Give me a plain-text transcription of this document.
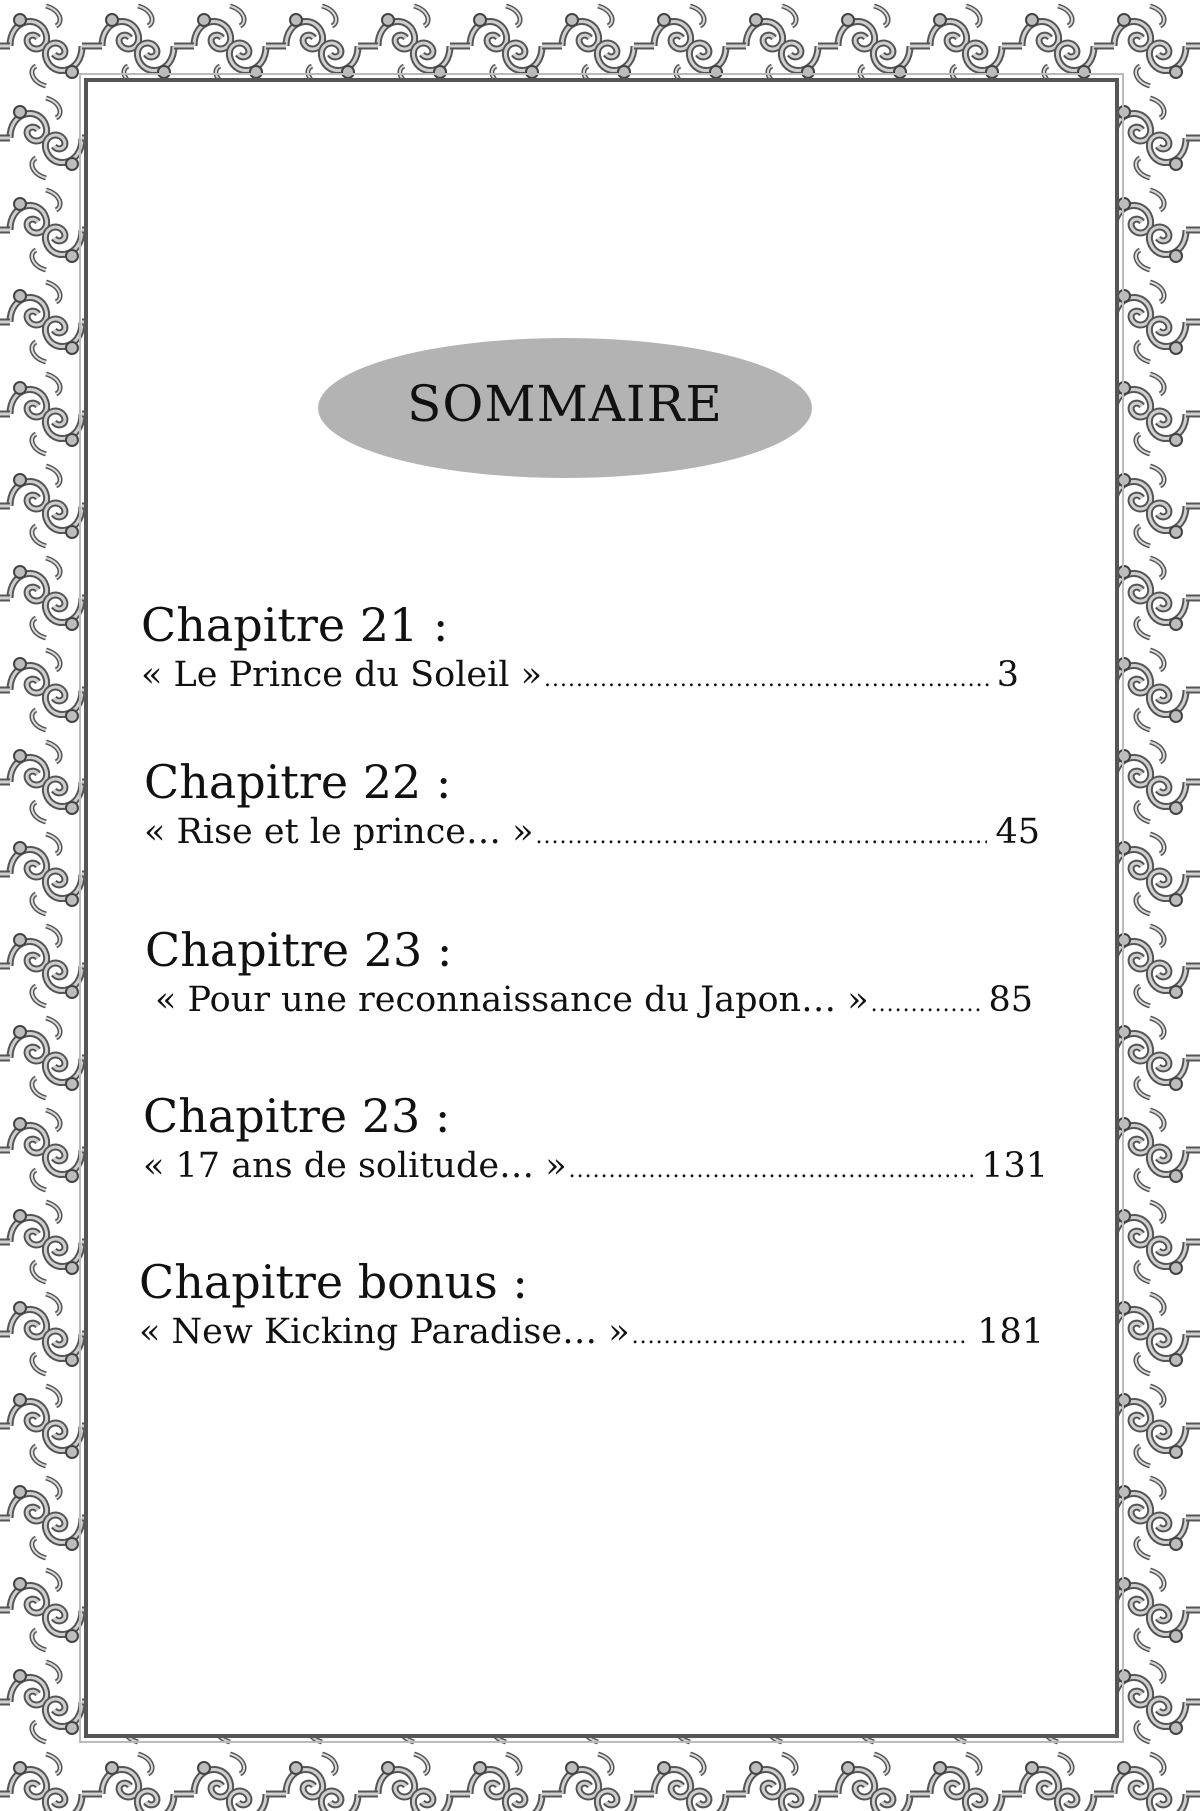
SOMMAIRE
Chapitre 21 :
« Le Prince du Soleil » .....	3
Chapitre 22 :
« Rise et le prince… » .....	45
Chapitre 23 :
« Pour une reconnaissance du Japon… » .....	85
Chapitre 23 :
« 17 ans de solitude… » .....	131
Chapitre bonus :
« New Kicking Paradise… » .....	181
